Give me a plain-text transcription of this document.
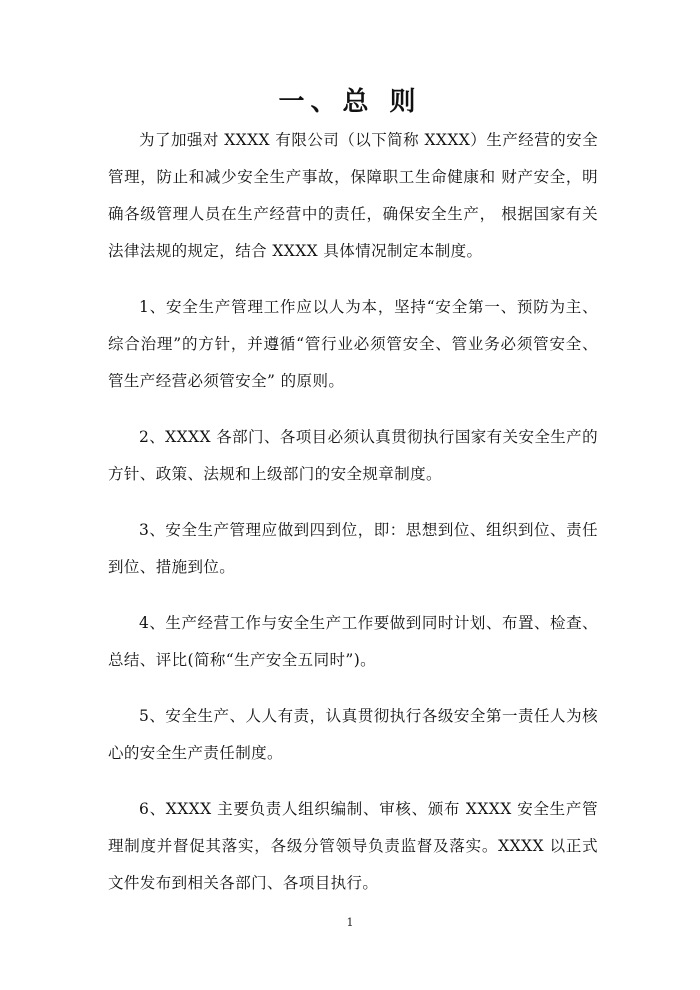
一、总 则

为了加强对 XXXX 有限公司（以下简称 XXXX）生产经营的安全管理，防止和减少安全生产事故，保障职工生命健康和 财产安全，明确各级管理人员在生产经营中的责任，确保安全生产， 根据国家有关法律法规的规定，结合 XXXX 具体情况制定本制度。

1、安全生产管理工作应以人为本，坚持“安全第一、预防为主、综合治理”的方针，并遵循“管行业必须管安全、管业务必须管安全、管生产经营必须管安全” 的原则。

2、XXXX 各部门、各项目必须认真贯彻执行国家有关安全生产的方针、政策、法规和上级部门的安全规章制度。

3、安全生产管理应做到四到位，即：思想到位、组织到位、责任到位、措施到位。

4、生产经营工作与安全生产工作要做到同时计划、布置、检查、总结、评比(简称“生产安全五同时”)。

5、安全生产、人人有责，认真贯彻执行各级安全第一责任人为核心的安全生产责任制度。

6、XXXX 主要负责人组织编制、审核、颁布 XXXX 安全生产管理制度并督促其落实，各级分管领导负责监督及落实。XXXX 以正式文件发布到相关各部门、各项目执行。

1
